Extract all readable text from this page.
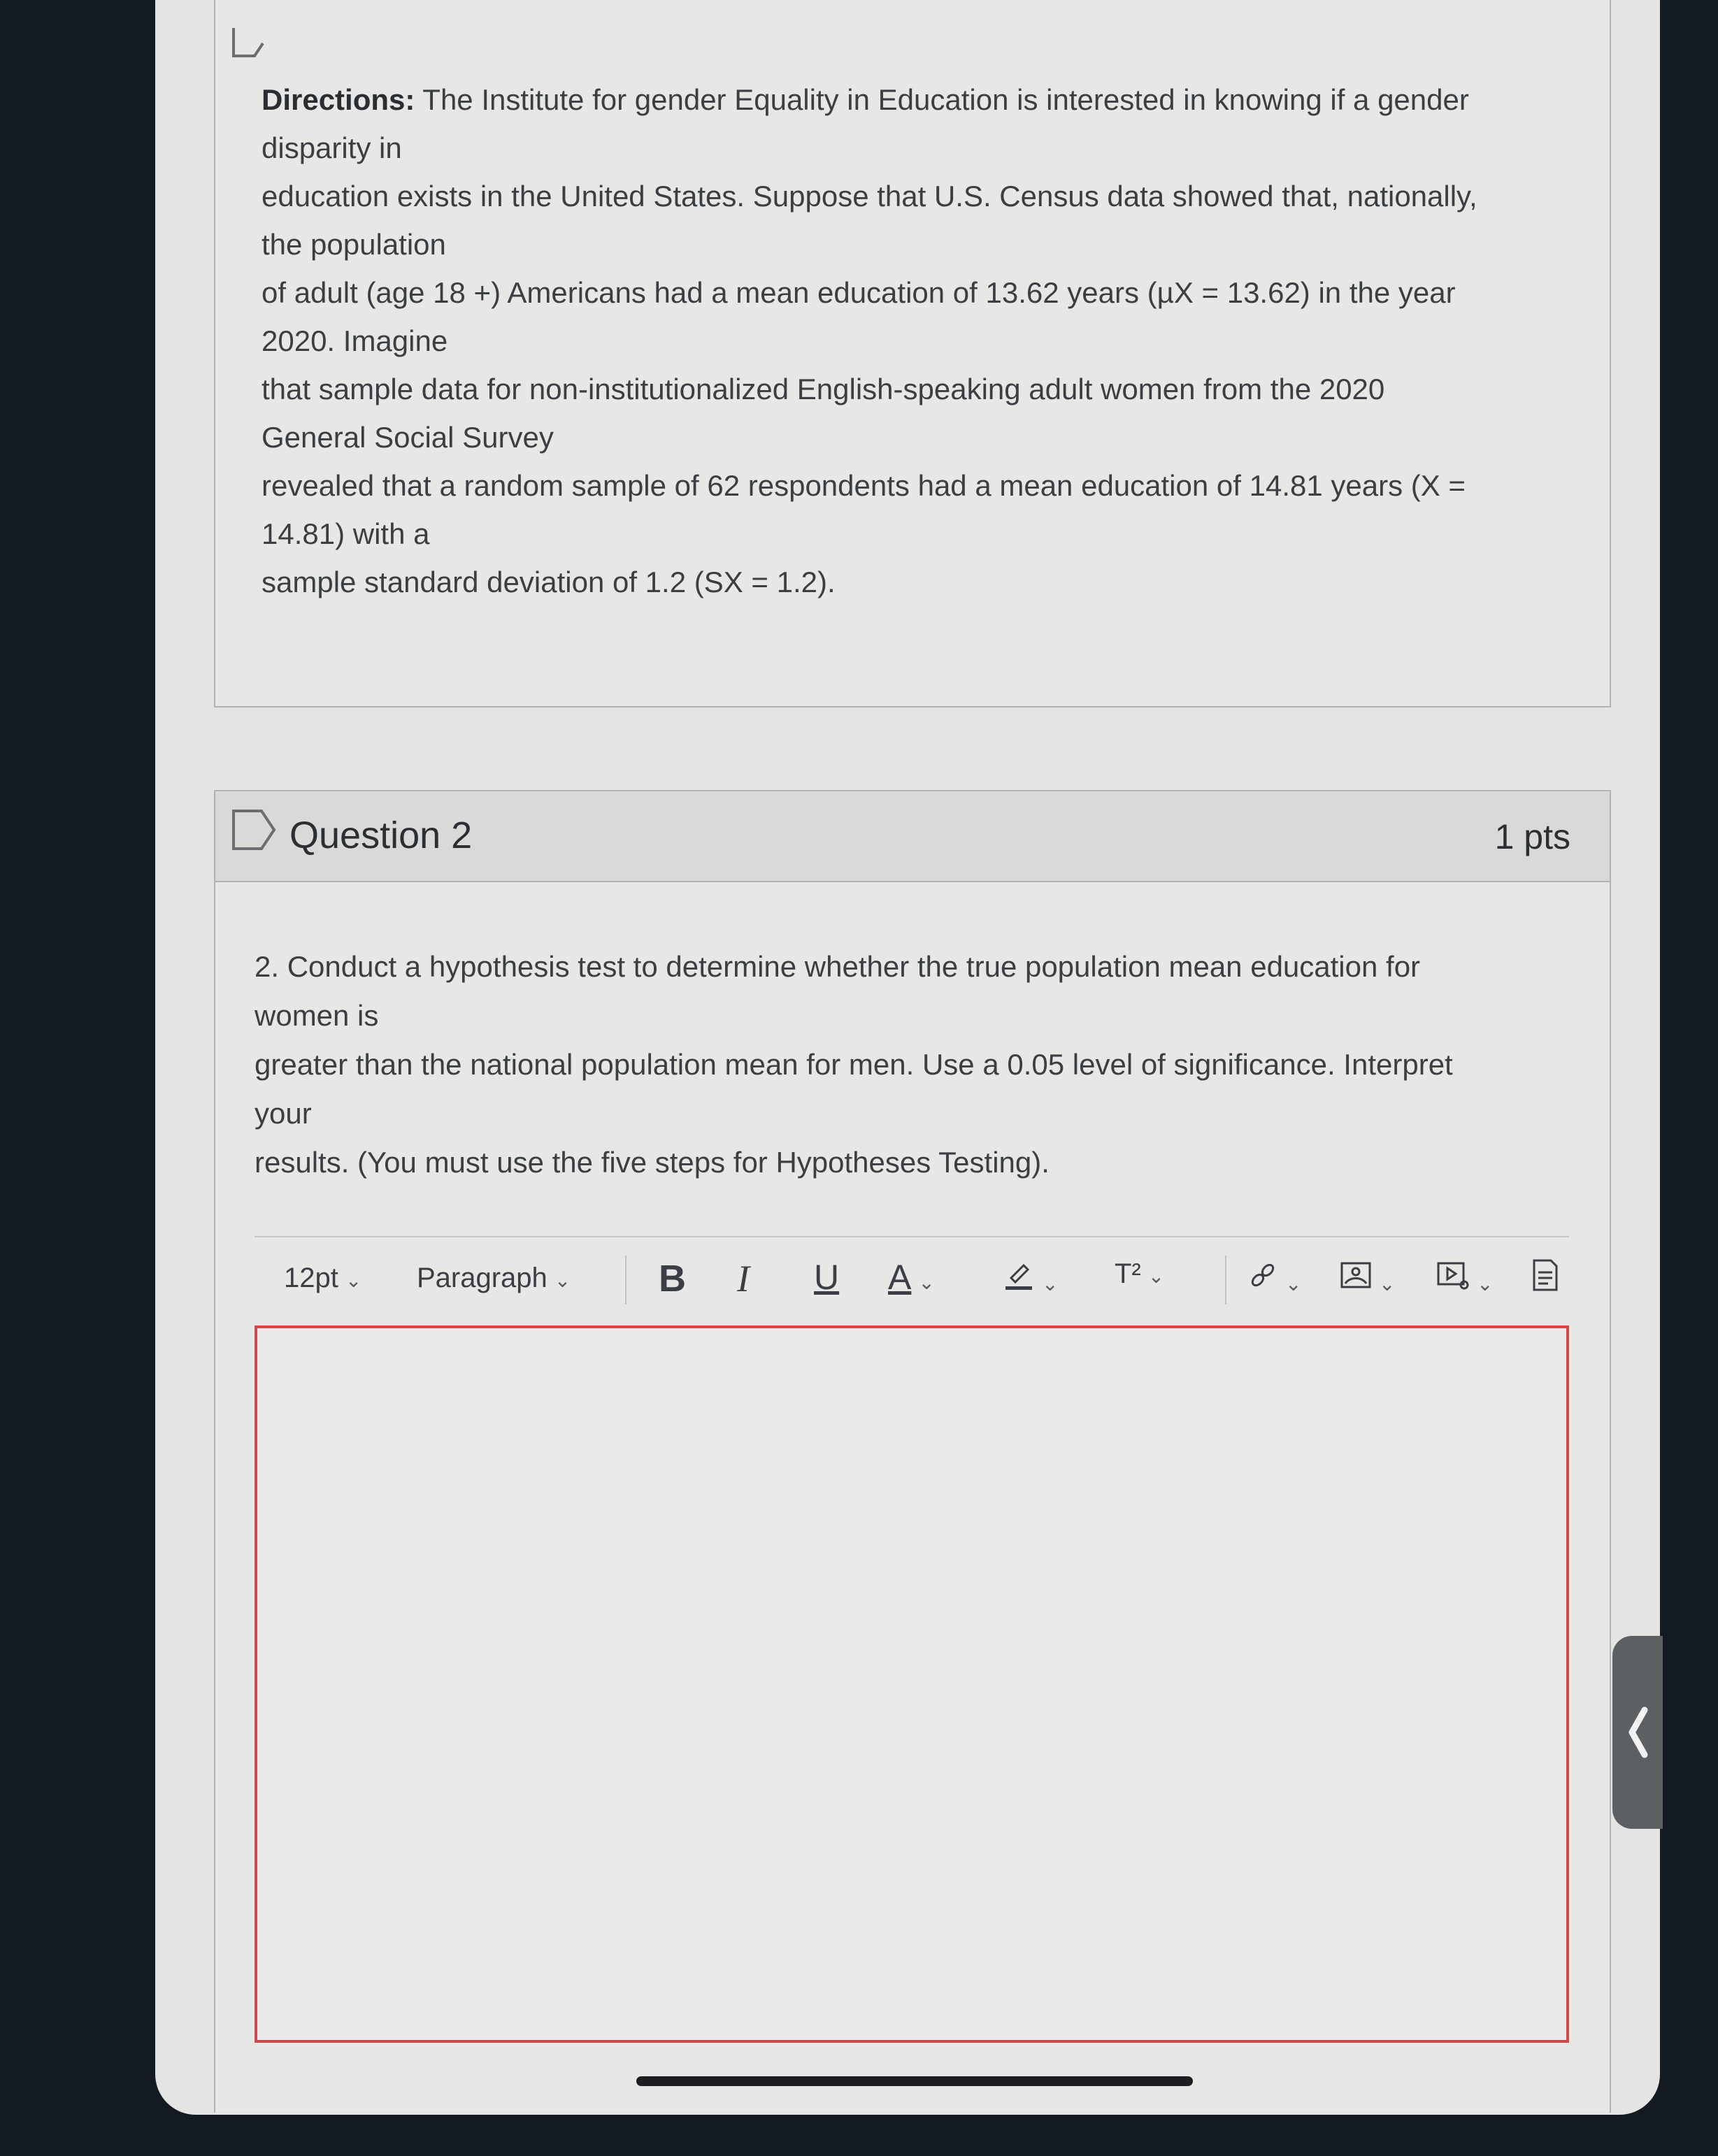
Directions: The Institute for gender Equality in Education is interested in knowing if a gender

disparity in

education exists in the United States. Suppose that U.S. Census data showed that, nationally,

the population

of adult (age 18 +) Americans had a mean education of 13.62 years (µX = 13.62) in the year

2020. Imagine

that sample data for non-institutionalized English-speaking adult women from the 2020

General Social Survey

revealed that a random sample of 62 respondents had a mean education of 14.81 years (X =

14.81) with a

sample standard deviation of 1.2 (SX = 1.2).

Question 2	1 pts

2. Conduct a hypothesis test to determine whether the true population mean education for

women is

greater than the national population mean for men. Use a 0.05 level of significance. Interpret

your

results. (You must use the five steps for Hypotheses Testing).

12pt ⌄ Paragraph ⌄ B I U A ⌄	⌄ T² ⌄	⌄	⌄	⌄
